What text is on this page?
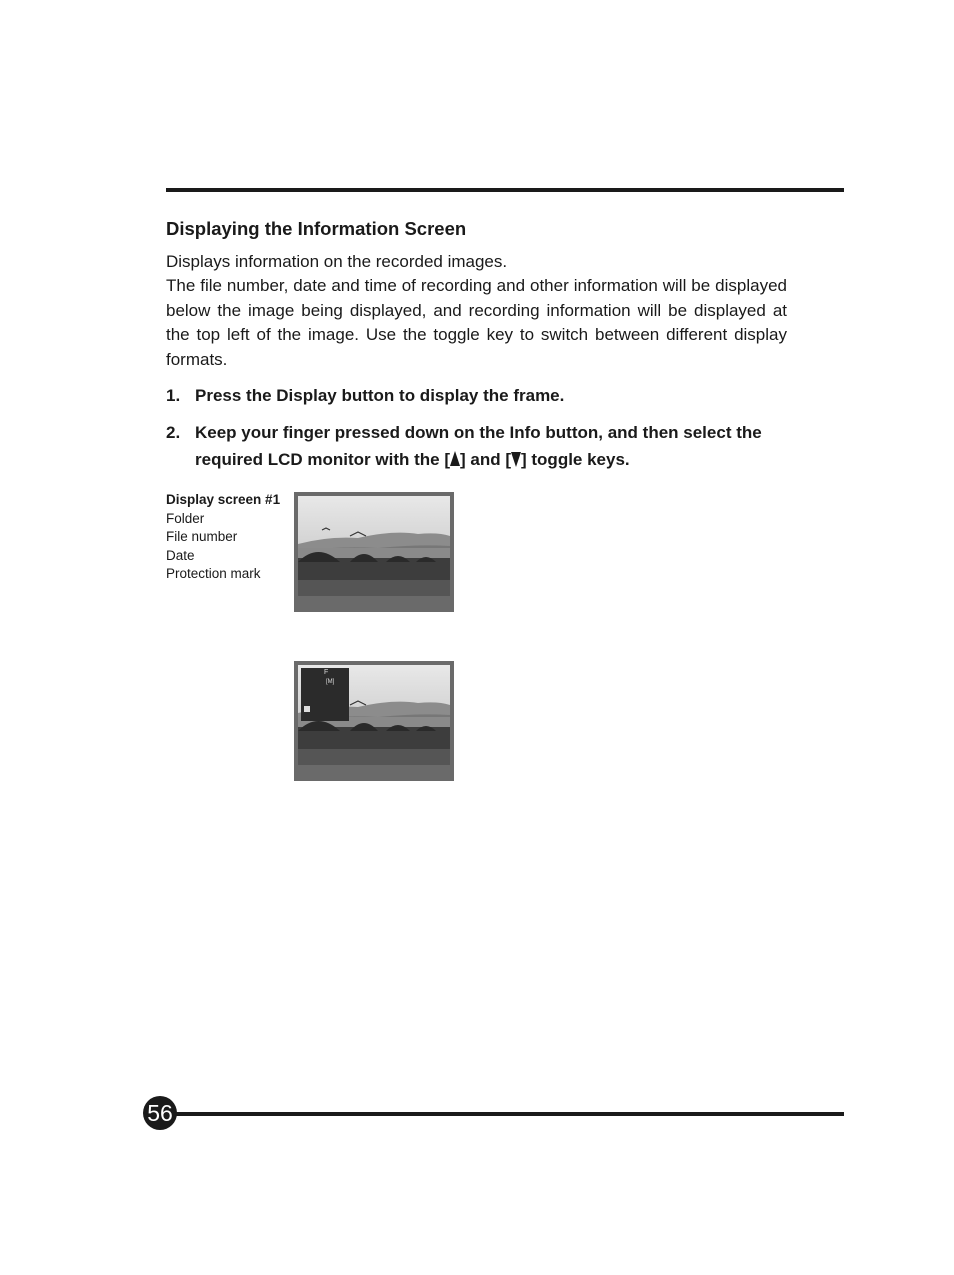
Displaying the Information Screen

Displays information on the recorded images.

The file number, date and time of recording and other information will be displayed below the image being displayed, and recording information will be displayed at the top left of the image. Use the toggle key to switch between different display formats.

1. Press the Display button to display the frame.
2. Keep your finger pressed down on the Info button, and then select the required LCD monitor with the [ ] and [ ] toggle keys.
Display screen #1
Folder
File number
Date
Protection mark
F
[M]
56
